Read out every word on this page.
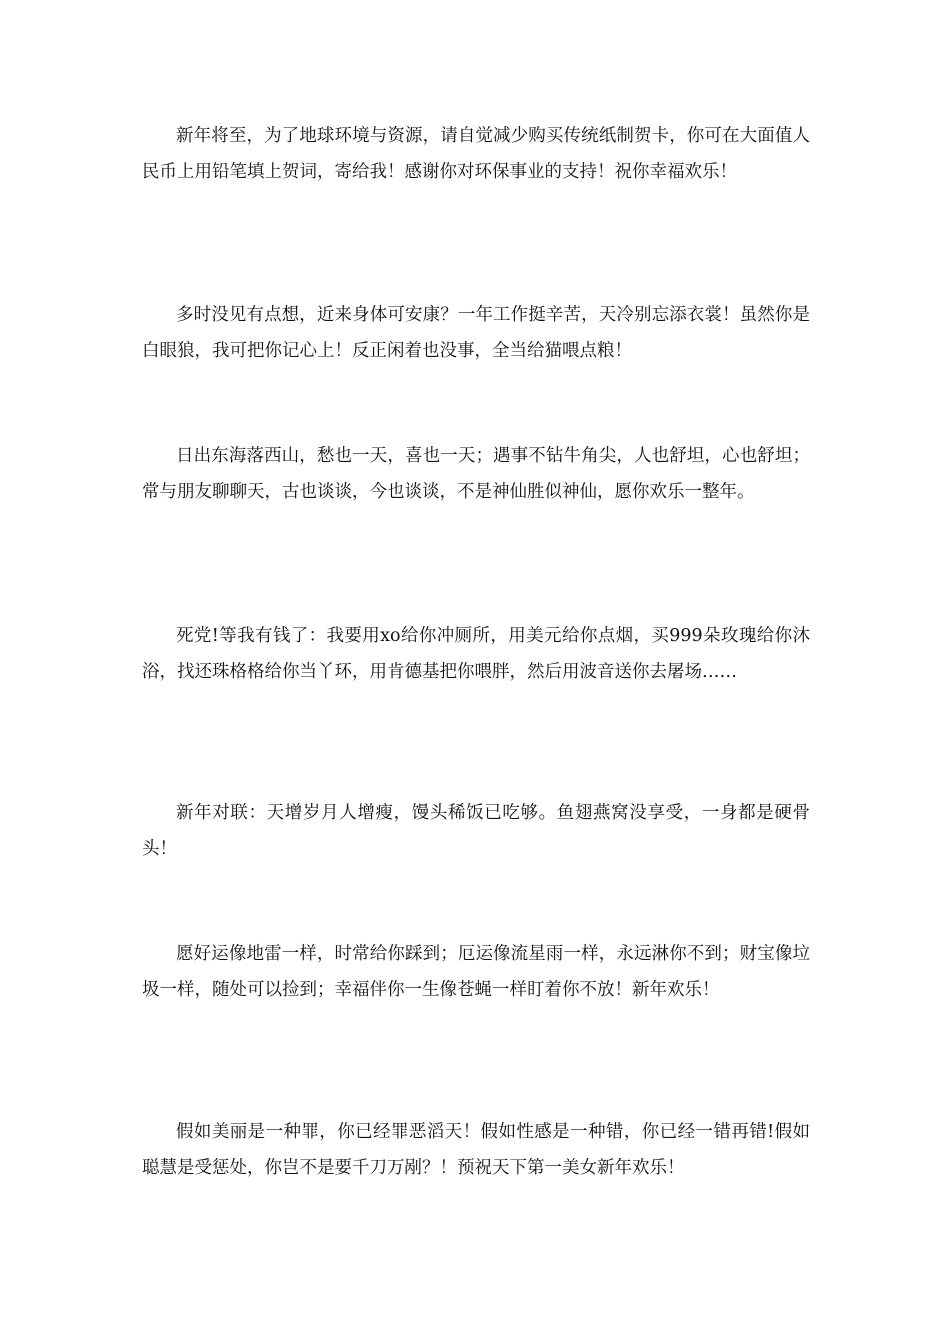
新年将至，为了地球环境与资源，请自觉减少购买传统纸制贺卡，你可在大面值人民币上用铅笔填上贺词，寄给我！感谢你对环保事业的支持！祝你幸福欢乐！

多时没见有点想，近来身体可安康？一年工作挺辛苦，天冷别忘添衣裳！虽然你是白眼狼，我可把你记心上！反正闲着也没事，全当给猫喂点粮！

日出东海落西山，愁也一天，喜也一天；遇事不钻牛角尖，人也舒坦，心也舒坦；常与朋友聊聊天，古也谈谈，今也谈谈，不是神仙胜似神仙，愿你欢乐一整年。

死党!等我有钱了：我要用xo给你冲厕所，用美元给你点烟，买999朵玫瑰给你沐浴，找还珠格格给你当丫环，用肯德基把你喂胖，然后用波音送你去屠场……

新年对联：天增岁月人增瘦，馒头稀饭已吃够。鱼翅燕窝没享受，一身都是硬骨头！

愿好运像地雷一样，时常给你踩到；厄运像流星雨一样，永远淋你不到；财宝像垃圾一样，随处可以捡到；幸福伴你一生像苍蝇一样盯着你不放！新年欢乐！

假如美丽是一种罪，你已经罪恶滔天！假如性感是一种错，你已经一错再错!假如聪慧是受惩处，你岂不是要千刀万剐？！预祝天下第一美女新年欢乐！
